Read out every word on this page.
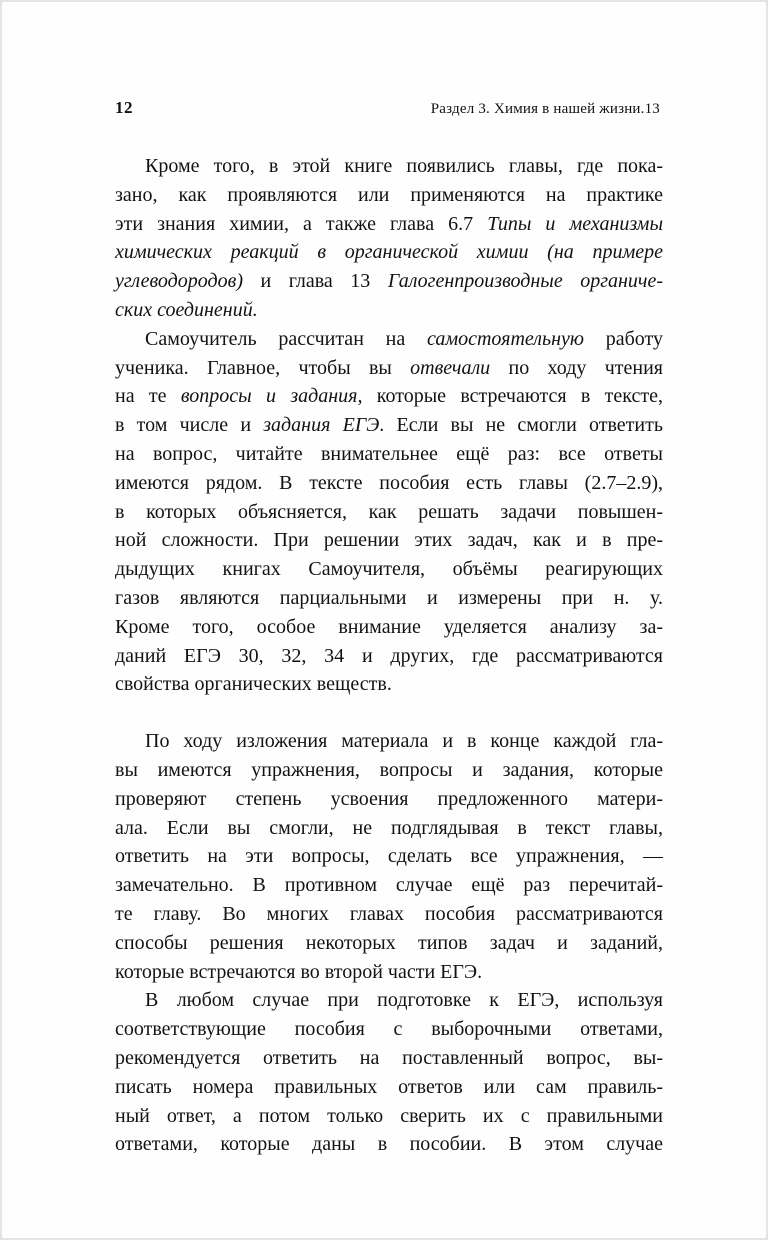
12	Раздел 3. Химия в нашей жизни.13
Кроме того, в этой книге появились главы, где пока-
зано, как проявляются или применяются на практике
эти знания химии, а также глава 6.7 Типы и механизмы
химических реакций в органической химии (на примере
углеводородов) и глава 13 Галогенпроизводные органиче-
ских соединений.
Самоучитель рассчитан на самостоятельную работу
ученика. Главное, чтобы вы отвечали по ходу чтения
на те вопросы и задания, которые встречаются в тексте,
в том числе и задания ЕГЭ. Если вы не смогли ответить
на вопрос, читайте внимательнее ещё раз: все ответы
имеются рядом. В тексте пособия есть главы (2.7–2.9),
в которых объясняется, как решать задачи повышен-
ной сложности. При решении этих задач, как и в пре-
дыдущих книгах Самоучителя, объёмы реагирующих
газов являются парциальными и измерены при н. у.
Кроме того, особое внимание уделяется анализу за-
даний ЕГЭ 30, 32, 34 и других, где рассматриваются
свойства органических веществ.
По ходу изложения материала и в конце каждой гла-
вы имеются упражнения, вопросы и задания, которые
проверяют степень усвоения предложенного матери-
ала. Если вы смогли, не подглядывая в текст главы,
ответить на эти вопросы, сделать все упражнения, —
замечательно. В противном случае ещё раз перечитай-
те главу. Во многих главах пособия рассматриваются
способы решения некоторых типов задач и заданий,
которые встречаются во второй части ЕГЭ.
В любом случае при подготовке к ЕГЭ, используя
соответствующие пособия с выборочными ответами,
рекомендуется ответить на поставленный вопрос, вы-
писать номера правильных ответов или сам правиль-
ный ответ, а потом только сверить их с правильными
ответами, которые даны в пособии. В этом случае
